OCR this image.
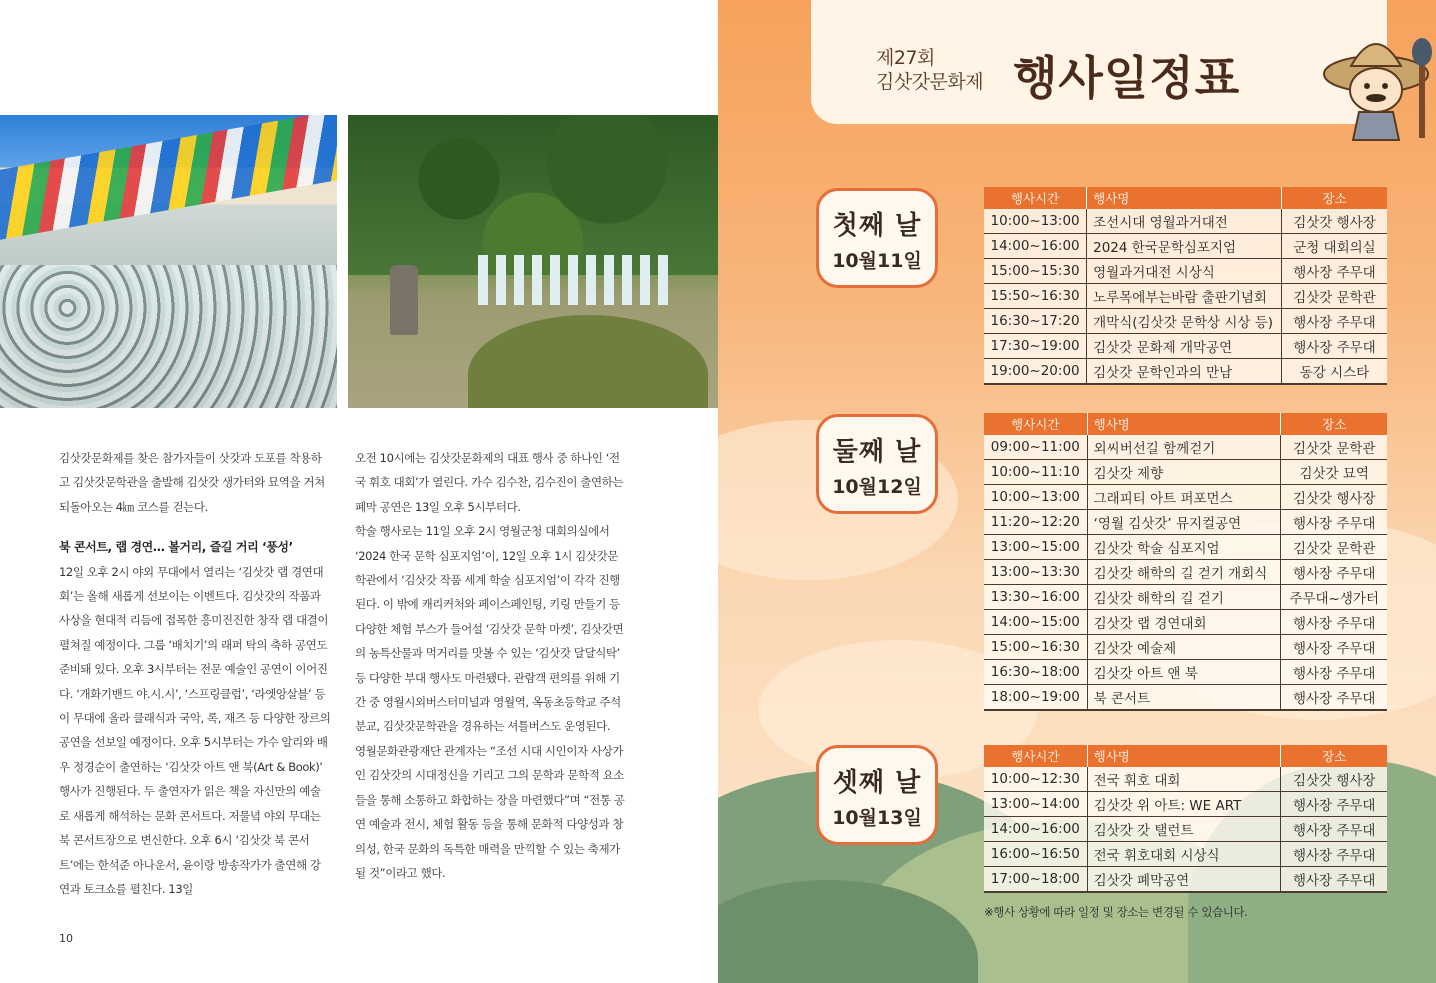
김삿갓문화제를 찾은 참가자들이 삿갓과 도포를 착용하고 김삿갓문학관을 출발해 김삿갓 생가터와 묘역을 거쳐 되돌아오는 4㎞ 코스를 걷는다.

북 콘서트, 랩 경연… 볼거리, 즐길 거리 ‘풍성’

12일 오후 2시 야외 무대에서 열리는 ‘김삿갓 랩 경연대회’는 올해 새롭게 선보이는 이벤트다. 김삿갓의 작품과 사상을 현대적 리듬에 접목한 흥미진진한 창작 랩 대결이 펼쳐질 예정이다. 그룹 ‘배치기’의 래퍼 탁의 축하 공연도 준비돼 있다. 오후 3시부터는 전문 예술인 공연이 이어진다. ‘개화기밴드 야.시.시’, ‘스프링클럽’, ‘라엣앙살블’ 등이 무대에 올라 클래식과 국악, 록, 재즈 등 다양한 장르의 공연을 선보일 예정이다. 오후 5시부터는 가수 알리와 배우 정경순이 출연하는 ‘김삿갓 아트 앤 북(Art & Book)’ 행사가 진행된다. 두 출연자가 읽은 책을 자신만의 예술로 새롭게 해석하는 문화 콘서트다. 저물녘 야외 무대는 북 콘서트장으로 변신한다. 오후 6시 ‘김삿갓 북 콘서트’에는 한석준 아나운서, 윤이랑 방송작가가 출연해 강연과 토크쇼를 펼친다. 13일

오전 10시에는 김삿갓문화제의 대표 행사 중 하나인 ‘전국 휘호 대회’가 열린다. 가수 김수찬, 김수진이 출연하는 폐막 공연은 13일 오후 5시부터다.

학술 행사로는 11일 오후 2시 영월군청 대회의실에서 ‘2024 한국 문학 심포지엄’이, 12일 오후 1시 김삿갓문학관에서 ‘김삿갓 작품 세계 학술 심포지엄’이 각각 진행된다. 이 밖에 캐리커처와 페이스페인팅, 키링 만들기 등 다양한 체험 부스가 들어설 ‘김삿갓 문학 마켓’, 김삿갓면의 농특산물과 먹거리를 맛볼 수 있는 ‘김삿갓 달달식탁’ 등 다양한 부대 행사도 마련됐다. 관람객 편의를 위해 기간 중 영월시외버스터미널과 영월역, 옥동초등학교 주석분교, 김삿갓문학관을 경유하는 셔틀버스도 운영된다.

영월문화관광재단 관계자는 “조선 시대 시인이자 사상가인 김삿갓의 시대정신을 기리고 그의 문학과 문학적 요소들을 통해 소통하고 화합하는 장을 마련했다”며 “전통 공연 예술과 전시, 체험 활동 등을 통해 문화적 다양성과 창의성, 한국 문화의 독특한 매력을 만끽할 수 있는 축제가 될 것”이라고 했다.

10
제27회
김삿갓문화제 행사일정표
첫째 날
10월11일
행사시간	행사명	장소
10:00~13:00	조선시대 영월과거대전	김삿갓 행사장
14:00~16:00	2024 한국문학심포지엄	군청 대회의실
15:00~15:30	영월과거대전 시상식	행사장 주무대
15:50~16:30	노루목에부는바람 출판기념회	김삿갓 문학관
16:30~17:20	개막식(김삿갓 문학상 시상 등)	행사장 주무대
17:30~19:00	김삿갓 문화제 개막공연	행사장 주무대
19:00~20:00	김삿갓 문학인과의 만남	동강 시스타
둘째 날
10월12일
행사시간	행사명	장소
09:00~11:00	외씨버선길 함께걷기	김삿갓 문학관
10:00~11:10	김삿갓 제향	김삿갓 묘역
10:00~13:00	그래피티 아트 퍼포먼스	김삿갓 행사장
11:20~12:20	‘영월 김삿갓’ 뮤지컬공연	행사장 주무대
13:00~15:00	김삿갓 학술 심포지엄	김삿갓 문학관
13:00~13:30	김삿갓 해학의 길 걷기 개회식	행사장 주무대
13:30~16:00	김삿갓 해학의 길 걷기	주무대~생가터
14:00~15:00	김삿갓 랩 경연대회	행사장 주무대
15:00~16:30	김삿갓 예술제	행사장 주무대
16:30~18:00	김삿갓 아트 앤 북	행사장 주무대
18:00~19:00	북 콘서트	행사장 주무대
셋째 날
10월13일
행사시간	행사명	장소
10:00~12:30	전국 휘호 대회	김삿갓 행사장
13:00~14:00	김삿갓 위 아트: WE ART	행사장 주무대
14:00~16:00	김삿갓 갓 탤런트	행사장 주무대
16:00~16:50	전국 휘호대회 시상식	행사장 주무대
17:00~18:00	김삿갓 폐막공연	행사장 주무대
※행사 상황에 따라 일정 및 장소는 변경될 수 있습니다.
